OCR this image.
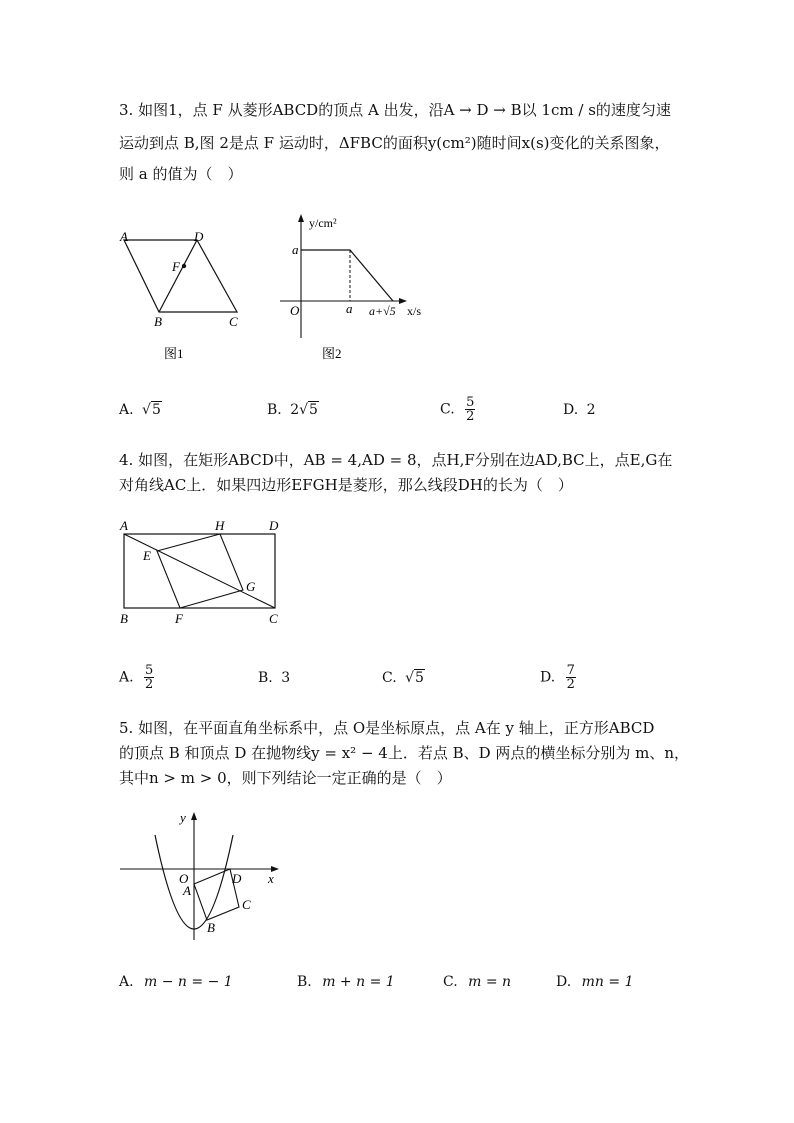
3. 如图1，点 F 从菱形ABCD的顶点 A 出发，沿A → D → B以 1cm / s的速度匀速
运动到点 B,图 2是点 F 运动时，ΔFBC的面积y(cm²)随时间x(s)变化的关系图象，
则 a 的值为（　）
A	D
F
B	C
图1
y/cm²
a
O	a a+√5 x/s
图2
A. √5	B. 2√5	C. $\frac{5}{2}$	D. 2
4. 如图，在矩形ABCD中，AB = 4,AD = 8，点H,F分别在边AD,BC上，点E,G在
对角线AC上．如果四边形EFGH是菱形，那么线段DH的长为（　）
A	H	D
E
G
B	F	C
A. $\frac{5}{2}$	B. 3	C. √5	D. $\frac{7}{2}$
5. 如图，在平面直角坐标系中，点 O是坐标原点，点 A在 y 轴上，正方形ABCD
的顶点 B 和顶点 D 在抛物线y = x² − 4上．若点 B、D 两点的横坐标分别为 m、n，
其中n > m > 0，则下列结论一定正确的是（　）
y
O	D x
A
C
B
A. m − n = − 1	B. m + n = 1	C. m = n	D. mn = 1
